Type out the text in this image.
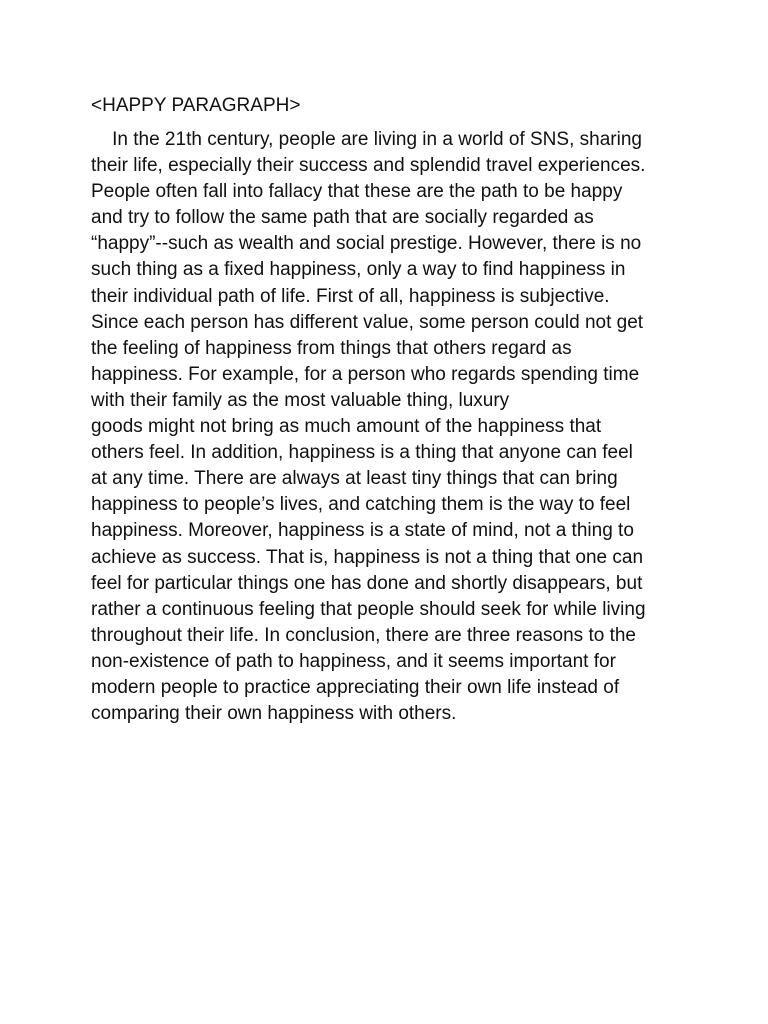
<HAPPY PARAGRAPH>
In the 21th century, people are living in a world of SNS, sharing
their life, especially their success and splendid travel experiences.
People often fall into fallacy that these are the path to be happy
and try to follow the same path that are socially regarded as
“happy”--such as wealth and social prestige. However, there is no
such thing as a fixed happiness, only a way to find happiness in
their individual path of life. First of all, happiness is subjective.
Since each person has different value, some person could not get
the feeling of happiness from things that others regard as
happiness. For example, for a person who regards spending time
with their family as the most valuable thing, luxury
goods might not bring as much amount of the happiness that
others feel. In addition, happiness is a thing that anyone can feel
at any time. There are always at least tiny things that can bring
happiness to people’s lives, and catching them is the way to feel
happiness. Moreover, happiness is a state of mind, not a thing to
achieve as success. That is, happiness is not a thing that one can
feel for particular things one has done and shortly disappears, but
rather a continuous feeling that people should seek for while living
throughout their life. In conclusion, there are three reasons to the
non-existence of path to happiness, and it seems important for
modern people to practice appreciating their own life instead of
comparing their own happiness with others.
